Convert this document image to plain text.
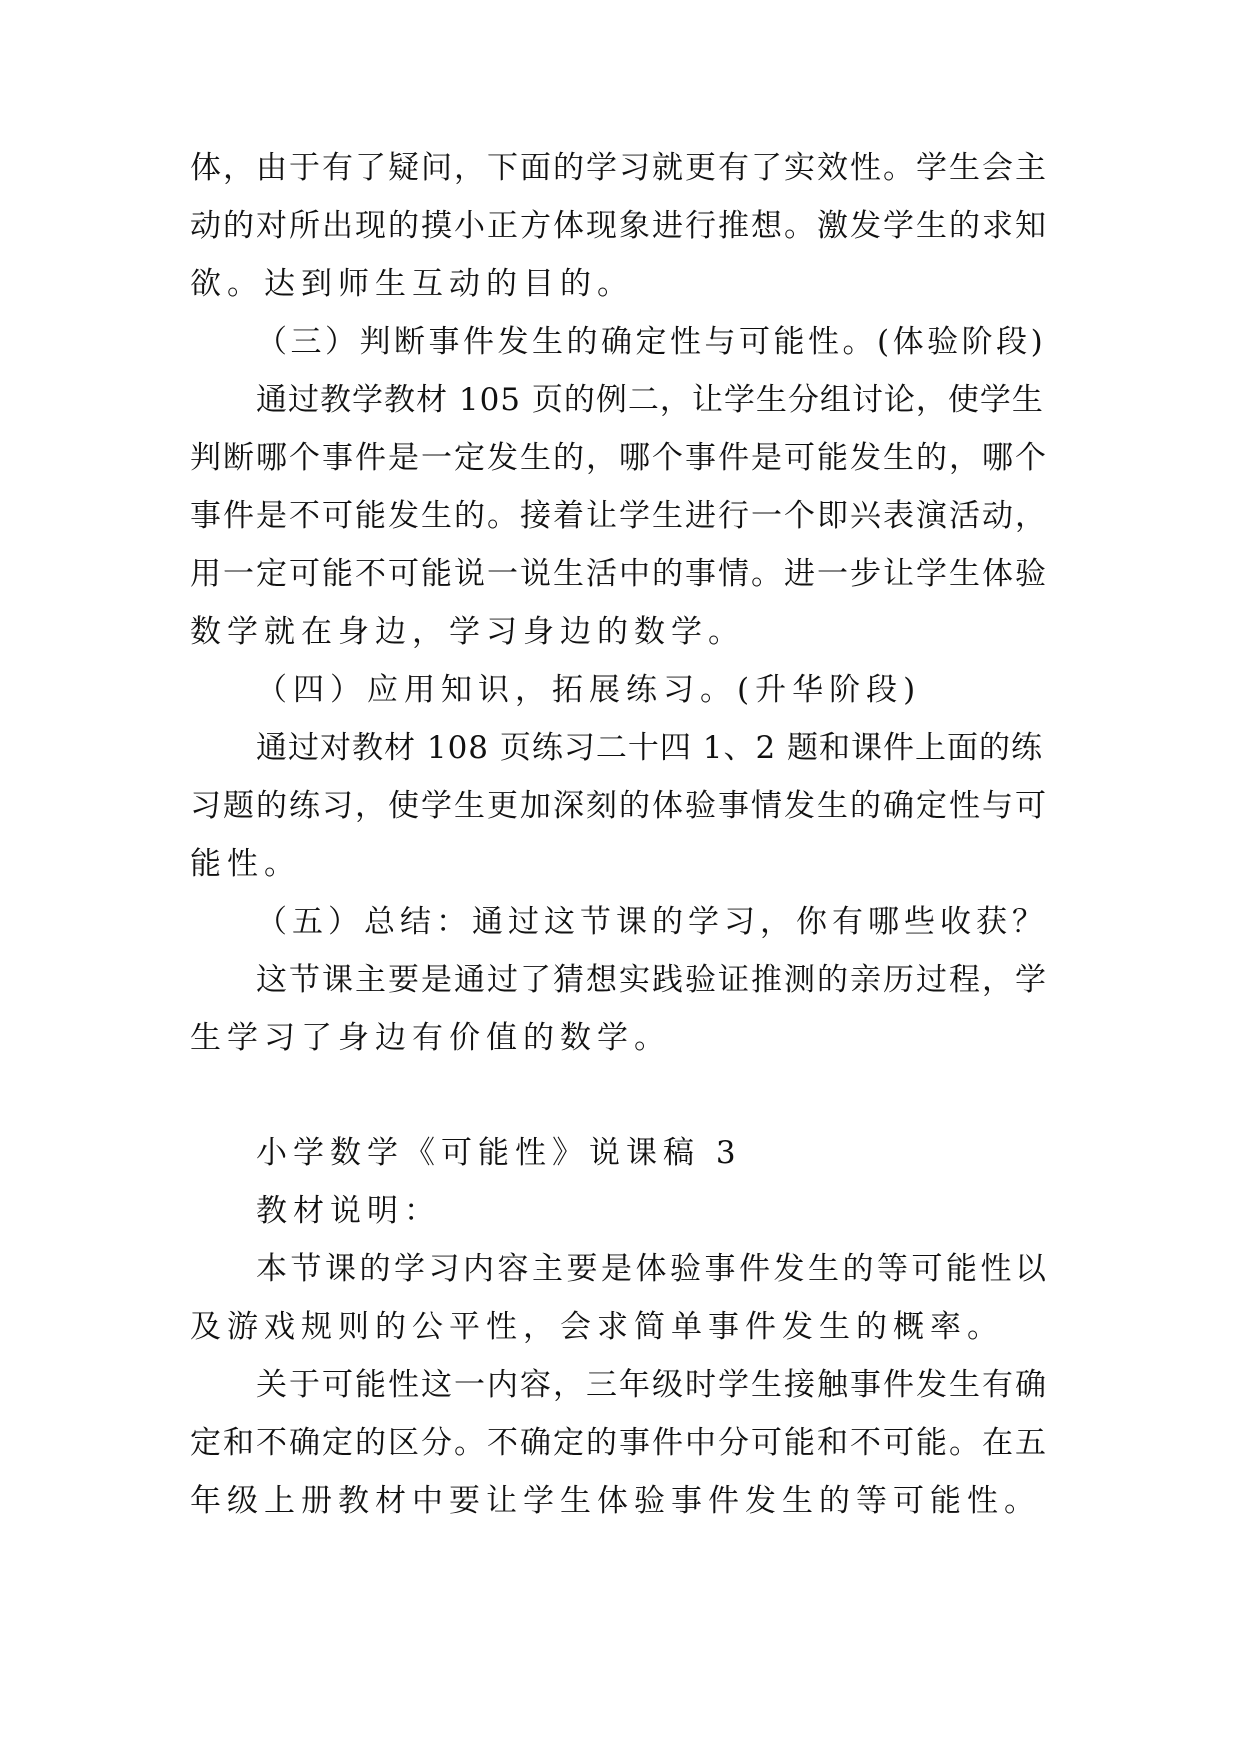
体，由于有了疑问，下面的学习就更有了实效性。学生会主

动的对所出现的摸小正方体现象进行推想。激发学生的求知

欲。达到师生互动的目的。

（三）判断事件发生的确定性与可能性。(体验阶段)

通过教学教材 105 页的例二，让学生分组讨论，使学生

判断哪个事件是一定发生的，哪个事件是可能发生的，哪个

事件是不可能发生的。接着让学生进行一个即兴表演活动，

用一定可能不可能说一说生活中的事情。进一步让学生体验

数学就在身边，学习身边的数学。

（四）应用知识，拓展练习。(升华阶段)

通过对教材 108 页练习二十四 1、2 题和课件上面的练

习题的练习，使学生更加深刻的体验事情发生的确定性与可

能性。

（五）总结：通过这节课的学习，你有哪些收获？

这节课主要是通过了猜想实践验证推测的亲历过程，学

生学习了身边有价值的数学。

小学数学《可能性》说课稿 3

教材说明：

本节课的学习内容主要是体验事件发生的等可能性以

及游戏规则的公平性，会求简单事件发生的概率。

关于可能性这一内容，三年级时学生接触事件发生有确

定和不确定的区分。不确定的事件中分可能和不可能。在五

年级上册教材中要让学生体验事件发生的等可能性。
